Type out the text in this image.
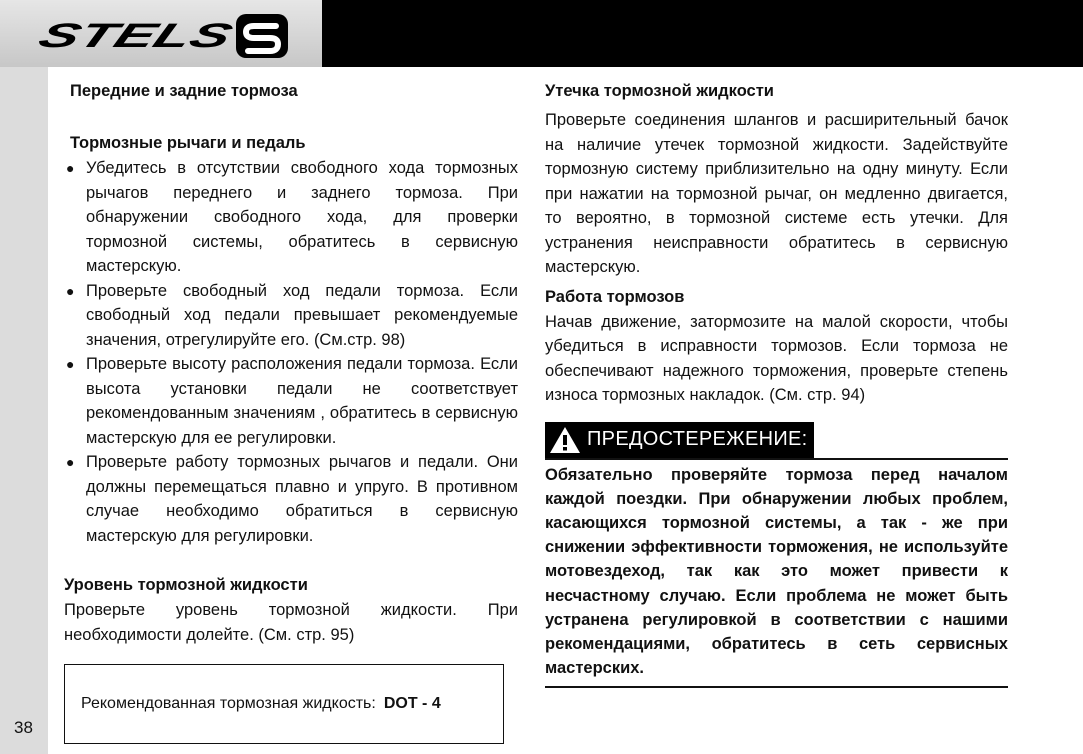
STELS
38
Передние и задние тормоза
Тормозные рычаги и педаль
● Убедитесь в отсутствии свободного хода тормозных рычагов переднего и заднего тормоза. При обнаружении свободного хода, для проверки тормозной системы, обратитесь в сервисную мастерскую.
● Проверьте свободный ход педали тормоза. Если свободный ход педали превышает рекомендуемые значения, отрегулируйте его. (См.стр. 98)
● Проверьте высоту расположения педали тормоза. Если высота установки педали не соответствует рекомендованным значениям , обратитесь в сервисную мастерскую для ее регулировки.
● Проверьте работу тормозных рычагов и педали. Они должны перемещаться плавно и упруго. В противном случае необходимо обратиться в сервисную мастерскую для регулировки.
Уровень тормозной жидкости

Проверьте уровень тормозной жидкости. При необходимости долейте. (См. стр. 95)

Рекомендованная тормозная жидкость: DOT - 4
Утечка тормозной жидкости

Проверьте соединения шлангов и расширительный бачок на наличие утечек тормозной жидкости. Задействуйте тормозную систему приблизительно на одну минуту. Если при нажатии на тормозной рычаг, он медленно двигается, то вероятно, в тормозной системе есть утечки. Для устранения неисправности обратитесь в сервисную мастерскую.

Работа тормозов

Начав движение, затормозите на малой скорости, чтобы убедиться в исправности тормозов. Если тормоза не обеспечивают надежного торможения, проверьте степень износа тормозных накладок. (См. стр. 94)

ПРЕДОСТЕРЕЖЕНИЕ:

Обязательно проверяйте тормоза перед началом каждой поездки. При обнаружении любых проблем, касающихся тормозной системы, а так - же при снижении эффективности торможения, не используйте мотовездеход, так как это может привести к несчастному случаю. Если проблема не может быть устранена регулировкой в соответствии с нашими рекомендациями, обратитесь в сеть сервисных мастерских.
